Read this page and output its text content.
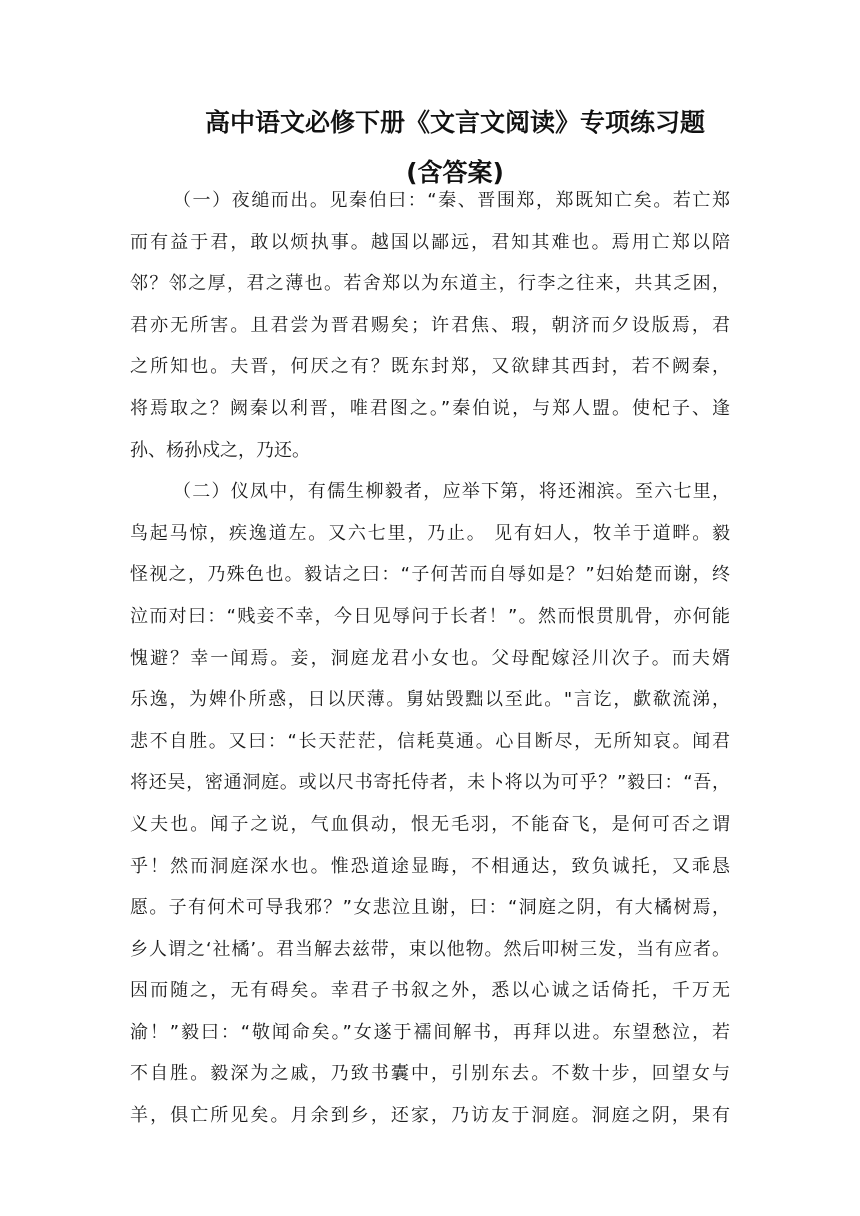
高中语文必修下册《文言文阅读》专项练习题
(含答案)
（一）夜缒而出。见秦伯曰：“秦、晋围郑，郑既知亡矣。若亡郑
而有益于君，敢以烦执事。越国以鄙远，君知其难也。焉用亡郑以陪
邻？邻之厚，君之薄也。若舍郑以为东道主，行李之往来，共其乏困，
君亦无所害。且君尝为晋君赐矣；许君焦、瑕，朝济而夕设版焉，君
之所知也。夫晋，何厌之有？既东封郑，又欲肆其西封，若不阙秦，
将焉取之？阙秦以利晋，唯君图之。”秦伯说，与郑人盟。使杞子、逢
孙、杨孙戍之，乃还。
（二）仪凤中，有儒生柳毅者，应举下第，将还湘滨。至六七里，
鸟起马惊，疾逸道左。又六七里，乃止。 见有妇人，牧羊于道畔。毅
怪视之，乃殊色也。毅诘之曰：“子何苦而自辱如是？”妇始楚而谢，终
泣而对曰：“贱妾不幸，今日见辱问于长者！”。然而恨贯肌骨，亦何能
愧避？幸一闻焉。妾，洞庭龙君小女也。父母配嫁泾川次子。而夫婿
乐逸，为婢仆所惑，日以厌薄。舅姑毁黜以至此。"言讫，歔欷流涕，
悲不自胜。又曰：“长天茫茫，信耗莫通。心目断尽，无所知哀。闻君
将还吴，密通洞庭。或以尺书寄托侍者，未卜将以为可乎？”毅曰：“吾，
义夫也。闻子之说，气血俱动，恨无毛羽，不能奋飞，是何可否之谓
乎！然而洞庭深水也。惟恐道途显晦，不相通达，致负诚托，又乖恳
愿。子有何术可导我邪？”女悲泣且谢，曰：“洞庭之阴，有大橘树焉，
乡人谓之‘社橘’。君当解去兹带，束以他物。然后叩树三发，当有应者。
因而随之，无有碍矣。幸君子书叙之外，悉以心诚之话倚托，千万无
渝！”毅曰：“敬闻命矣。”女遂于襦间解书，再拜以进。东望愁泣，若
不自胜。毅深为之戚，乃致书囊中，引别东去。不数十步，回望女与
羊，俱亡所见矣。月余到乡，还家，乃访友于洞庭。洞庭之阴，果有
